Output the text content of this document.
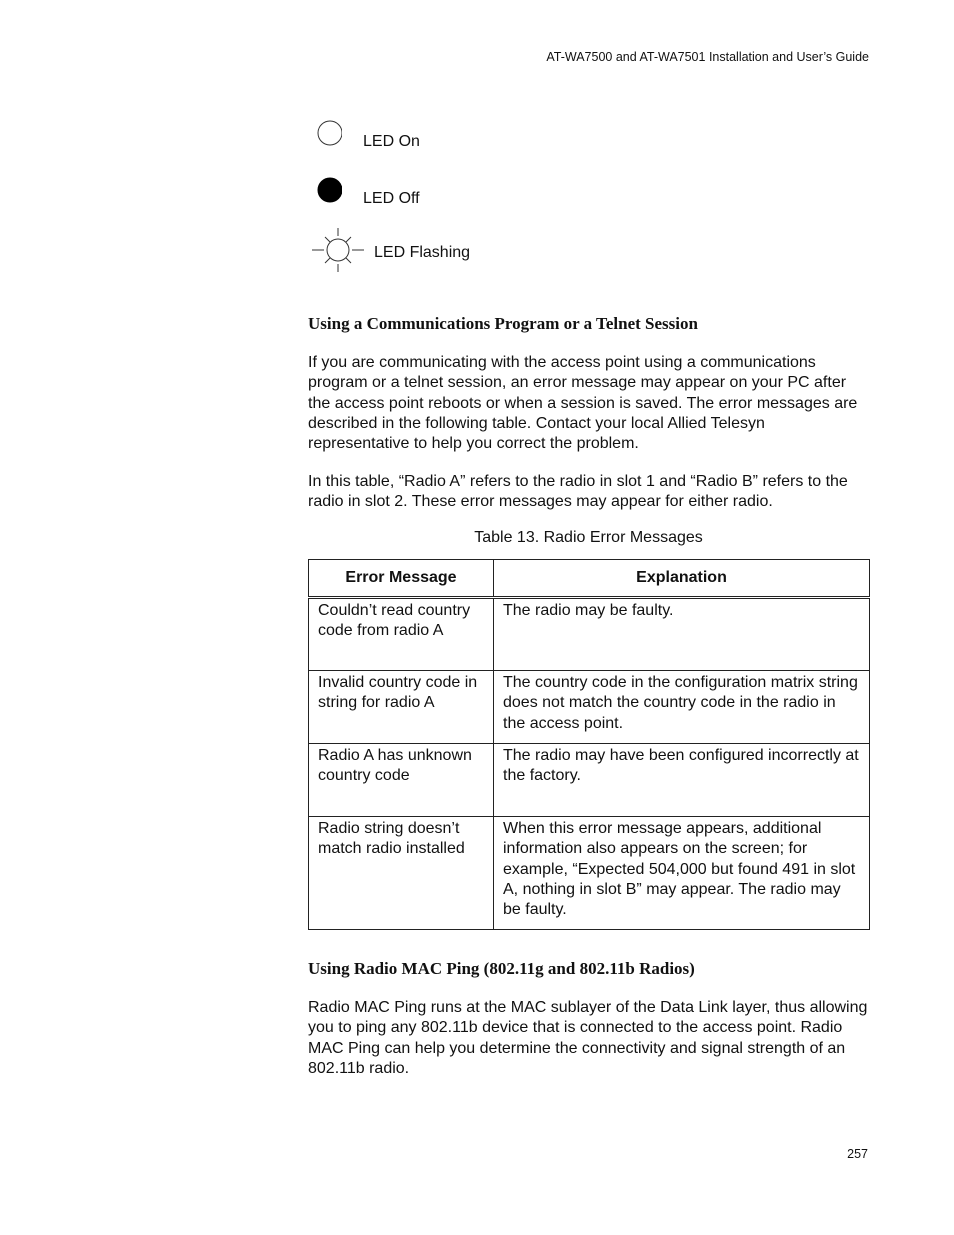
AT-WA7500 and AT-WA7501 Installation and User’s Guide
LED On
LED Off
LED Flashing
Using a Communications Program or a Telnet Session

If you are communicating with the access point using a communications program or a telnet session, an error message may appear on your PC after the access point reboots or when a session is saved. The error messages are described in the following table. Contact your local Allied Telesyn representative to help you correct the problem.

In this table, “Radio A” refers to the radio in slot 1 and “Radio B” refers to the radio in slot 2. These error messages may appear for either radio.

Table 13. Radio Error Messages
Error Message	Explanation
Couldn’t read country code from radio A	The radio may be faulty.
Invalid country code in string for radio A	The country code in the configuration matrix string does not match the country code in the radio in the access point.
Radio A has unknown country code	The radio may have been configured incorrectly at the factory.
Radio string doesn’t match radio installed	When this error message appears, additional information also appears on the screen; for example, “Expected 504,000 but found 491 in slot A, nothing in slot B” may appear. The radio may be faulty.
Using Radio MAC Ping (802.11g and 802.11b Radios)

Radio MAC Ping runs at the MAC sublayer of the Data Link layer, thus allowing you to ping any 802.11b device that is connected to the access point. Radio MAC Ping can help you determine the connectivity and signal strength of an 802.11b radio.

257
